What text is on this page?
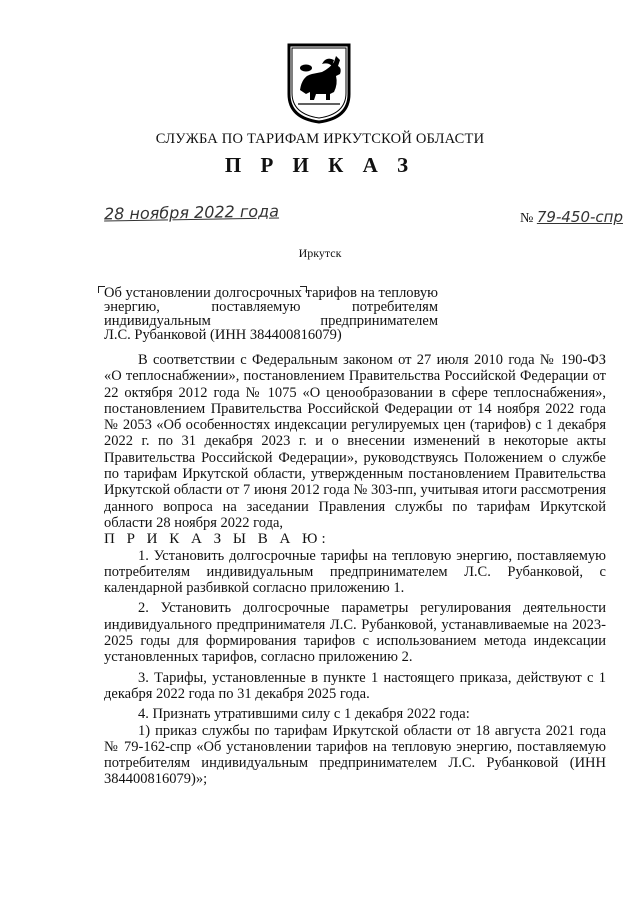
СЛУЖБА ПО ТАРИФАМ ИРКУТСКОЙ ОБЛАСТИ
П Р И К А З
28 ноября 2022 года	№ 79-450-спр
Иркутск

Об установлении долгосрочных тарифов на тепловую энергию, поставляемую потребителям индивидуальным предпринимателем

Л.С. Рубанковой (ИНН 384400816079)

В соответствии с Федеральным законом от 27 июля 2010 года № 190-ФЗ «О теплоснабжении», постановлением Правительства Российской Федерации от 22 октября 2012 года № 1075 «О ценообразовании в сфере теплоснабжения», постановлением Правительства Российской Федерации от 14 ноября 2022 года № 2053 «Об особенностях индексации регулируемых цен (тарифов) с 1 декабря 2022 г. по 31 декабря 2023 г. и о внесении изменений в некоторые акты Правительства Российской Федерации», руководствуясь Положением о службе по тарифам Иркутской области, утвержденным постановлением Правительства Иркутской области от 7 июня 2012 года № 303-пп, учитывая итоги рассмотрения данного вопроса на заседании Правления службы по тарифам Иркутской области 28 ноября 2022 года,

П Р И К А З Ы В А Ю:

1. Установить долгосрочные тарифы на тепловую энергию, поставляемую потребителям индивидуальным предпринимателем Л.С. Рубанковой, с календарной разбивкой согласно приложению 1.

2. Установить долгосрочные параметры регулирования деятельности индивидуального предпринимателя Л.С. Рубанковой, устанавливаемые на 2023-2025 годы для формирования тарифов с использованием метода индексации установленных тарифов, согласно приложению 2.

3. Тарифы, установленные в пункте 1 настоящего приказа, действуют с 1 декабря 2022 года по 31 декабря 2025 года.

4. Признать утратившими силу с 1 декабря 2022 года:

1) приказ службы по тарифам Иркутской области от 18 августа 2021 года № 79-162-спр «Об установлении тарифов на тепловую энергию, поставляемую потребителям индивидуальным предпринимателем Л.С. Рубанковой (ИНН 384400816079)»;
